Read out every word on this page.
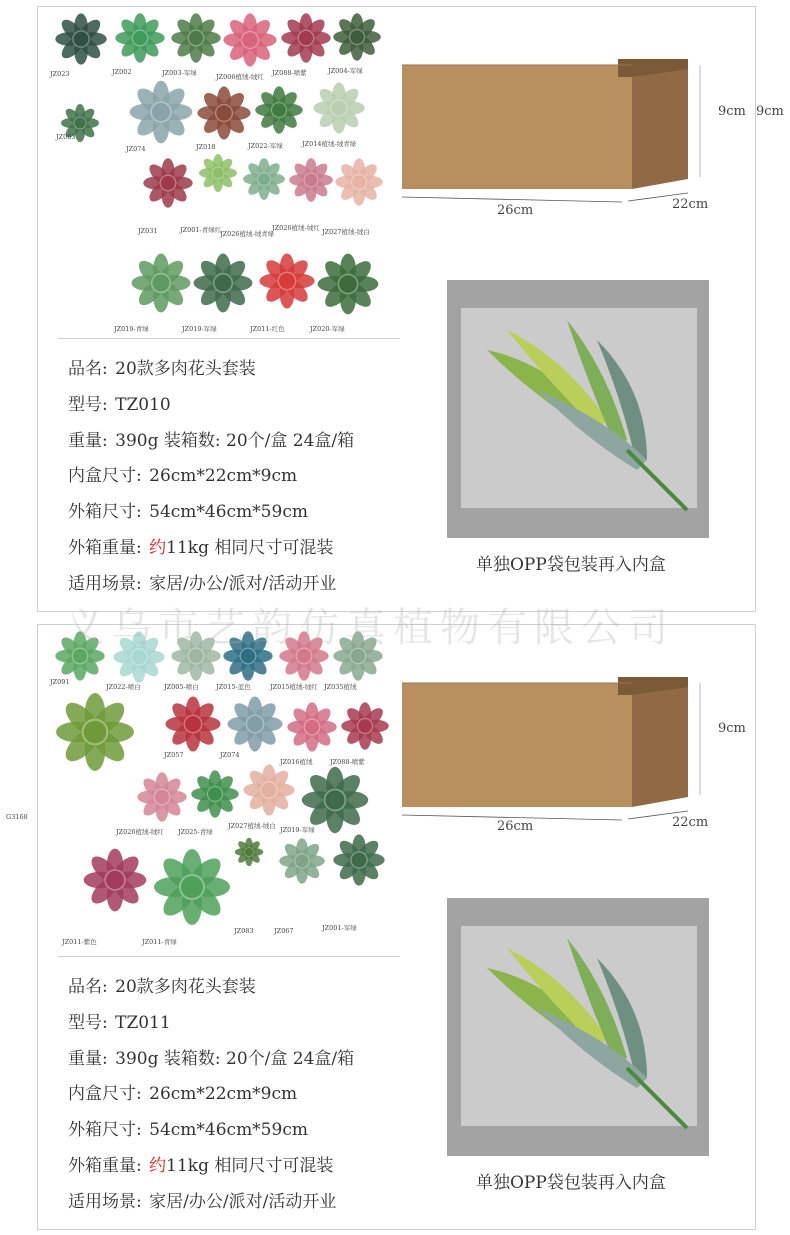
JZ023	JZ002	JZ003-军绿	JZ006植绒-绒红 JZ088-喷紫	JZ004-军绿
JZ063
JZ074	JZ018	JZ022-军绿	JZ014植绒-绒青绿
JZ031	JZ001-青绿红
JZ026植绒-绒青绿
JZ026植绒-绒红 JZ027植绒-绒白
JZ019-青绿	JZ019-军绿	JZ011-红色	JZ020-军绿
品名: 20款多肉花头套装
型号: TZ010
重量: 390g 装箱数: 20个/盒 24盒/箱
内盒尺寸: 26cm*22cm*9cm
外箱尺寸: 54cm*46cm*59cm
外箱重量: 约11kg 相同尺寸可混装
适用场景: 家居/办公/派对/活动开业
9cm
26cm	22cm
9cm
单独OPP袋包装再入内盒
JZ091
JZ022-喷白	JZ005-喷白	JZ015-蓝色	JZ015植绒-绒红 JZ035植绒
G3168
JZ057	JZ074
JZ016植绒	JZ088-喷紫
JZ026植绒-绒红 JZ025-青绿
JZ027植绒-绒白 JZ019-军绿
JZ011-紫色	JZ011-青绿
JZ083	JZ067	JZ001-军绿
品名: 20款多肉花头套装
型号: TZ011
重量: 390g 装箱数: 20个/盒 24盒/箱
内盒尺寸: 26cm*22cm*9cm
外箱尺寸: 54cm*46cm*59cm
外箱重量: 约11kg 相同尺寸可混装
适用场景: 家居/办公/派对/活动开业
26cm	22cm
9cm
单独OPP袋包装再入内盒
义乌市艺韵仿真植物有限公司
